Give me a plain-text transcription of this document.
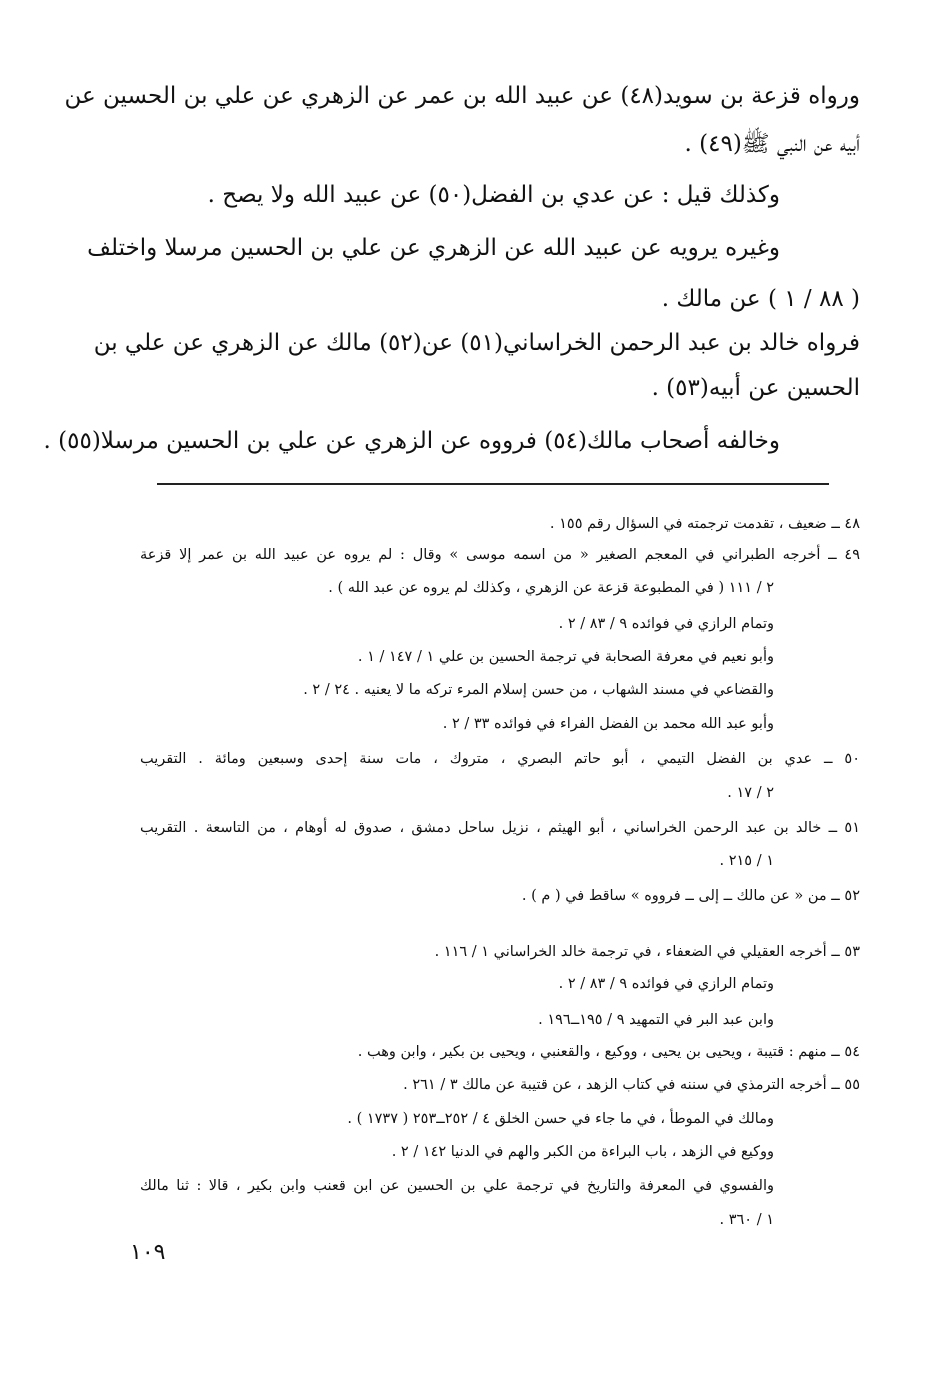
ورواه قزعة بن سويد(٤٨) عن عبيد الله بن عمر عن الزهري عن علي بن الحسين عن
أبيه عن النبي ﷺ(٤٩) .
وكذلك قيل : عن عدي بن الفضل(٥٠) عن عبيد الله ولا يصح .
وغيره يرويه عن عبيد الله عن الزهري عن علي بن الحسين مرسلا واختلف
( ٨٨ / ١ ) عن مالك .
فرواه خالد بن عبد الرحمن الخراساني(٥١) عن(٥٢) مالك عن الزهري عن علي بن
الحسين عن أبيه(٥٣) .
وخالفه أصحاب مالك(٥٤) فرووه عن الزهري عن علي بن الحسين مرسلا(٥٥) .
٤٨ ــ ضعيف ، تقدمت ترجمته في السؤال رقم ١٥٥ .
٤٩ ــ أخرجه الطبراني في المعجم الصغير « من اسمه موسى » وقال : لم يروه عن عبيد الله بن عمر إلا قزعة
٢ / ١١١ ( في المطبوعة قزعة عن الزهري ، وكذلك لم يروه عن عبد الله ) .
وتمام الرازي في فوائده ٩ / ٨٣ / ٢ .
وأبو نعيم في معرفة الصحابة في ترجمة الحسين بن علي ١ / ١٤٧ / ١ .
والقضاعي في مسند الشهاب ، من حسن إسلام المرء تركه ما لا يعنيه . ٢٤ / ٢ .
وأبو عبد الله محمد بن الفضل الفراء في فوائده ٣٣ / ٢ .
٥٠ ــ عدي بن الفضل التيمي ، أبو حاتم البصري ، متروك ، مات سنة إحدى وسبعين ومائة . التقريب
٢ / ١٧ .
٥١ ــ خالد بن عبد الرحمن الخراساني ، أبو الهيثم ، نزيل ساحل دمشق ، صدوق له أوهام ، من التاسعة . التقريب
١ / ٢١٥ .
٥٢ ــ من « عن مالك ــ إلى ــ فرووه » ساقط في ( م ) .
٥٣ ــ أخرجه العقيلي في الضعفاء ، في ترجمة خالد الخراساني ١ / ١١٦ .
وتمام الرازي في فوائده ٩ / ٨٣ / ٢ .
وابن عبد البر في التمهيد ٩ / ١٩٥ــ١٩٦ .
٥٤ ــ منهم : قتيبة ، ويحيى بن يحيى ، ووكيع ، والقعنبي ، ويحيى بن بكير ، وابن وهب .
٥٥ ــ أخرجه الترمذي في سننه في كتاب الزهد ، عن قتيبة عن مالك ٣ / ٢٦١ .
ومالك في الموطأ ، في ما جاء في حسن الخلق ٤ / ٢٥٢ــ٢٥٣ ( ١٧٣٧ ) .
ووكيع في الزهد ، باب البراءة من الكبر والهم في الدنيا ١٤٢ / ٢ .
والفسوي في المعرفة والتاريخ في ترجمة علي بن الحسين عن ابن قعنب وابن بكير ، قالا : ثنا مالك
١ / ٣٦٠ .
١٠٩
